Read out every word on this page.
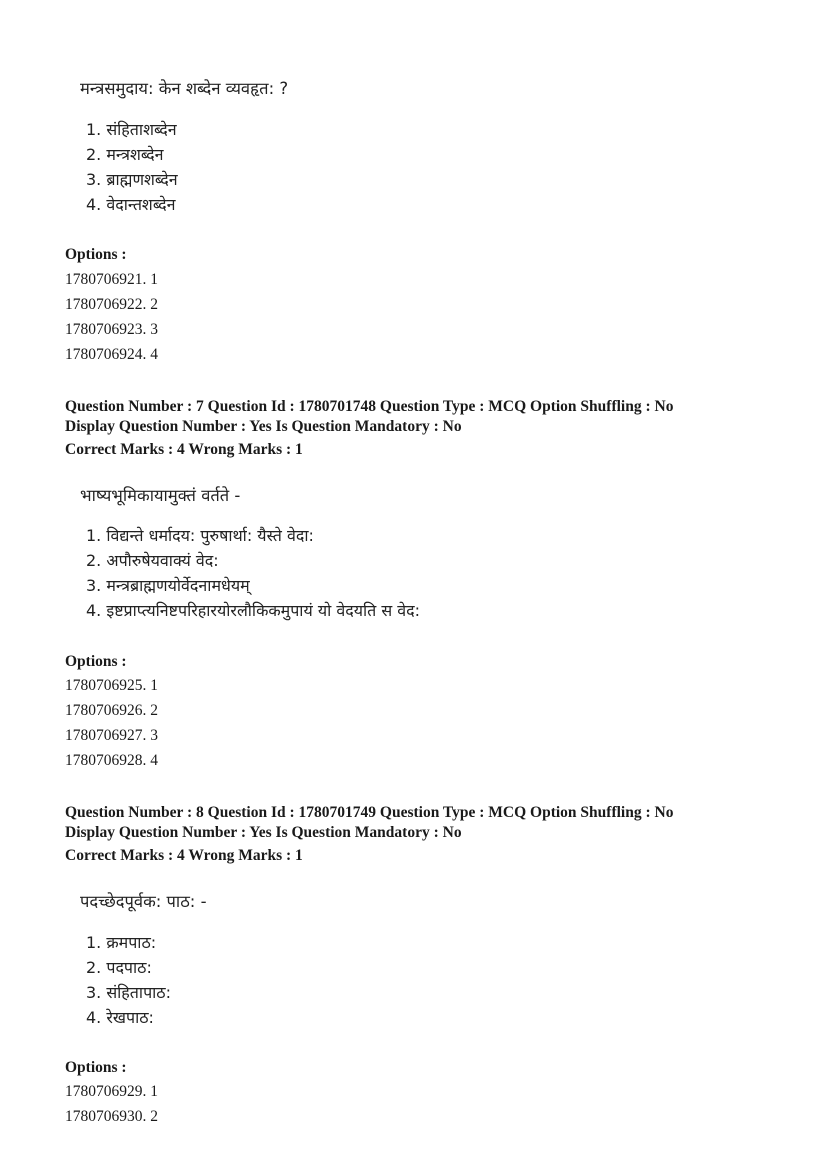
मन्त्रसमुदाय: केन शब्देन व्यवहृत: ?
1. संहिताशब्देन
2. मन्त्रशब्देन
3. ब्राह्मणशब्देन
4. वेदान्तशब्देन
Options :
1780706921. 1
1780706922. 2
1780706923. 3
1780706924. 4
Question Number : 7 Question Id : 1780701748 Question Type : MCQ Option Shuffling : No
Display Question Number : Yes Is Question Mandatory : No
Correct Marks : 4 Wrong Marks : 1
भाष्यभूमिकायामुक्तं वर्तते -
1. विद्यन्ते धर्मादय: पुरुषार्था: यैस्ते वेदा:
2. अपौरुषेयवाक्यं वेद:
3. मन्त्रब्राह्मणयोर्वेदनामधेयम्
4. इष्टप्राप्त्यनिष्टपरिहारयोरलौकिकमुपायं यो वेदयति स वेद:
Options :
1780706925. 1
1780706926. 2
1780706927. 3
1780706928. 4
Question Number : 8 Question Id : 1780701749 Question Type : MCQ Option Shuffling : No
Display Question Number : Yes Is Question Mandatory : No
Correct Marks : 4 Wrong Marks : 1
पदच्छेदपूर्वक: पाठ: -
1. क्रमपाठ:
2. पदपाठ:
3. संहितापाठ:
4. रेखपाठ:
Options :
1780706929. 1
1780706930. 2
